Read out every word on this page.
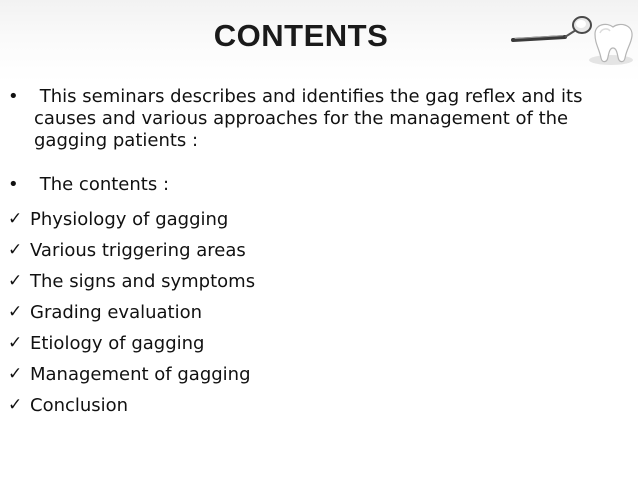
CONTENTS
• This seminars describes and identifies the gag reflex and its causes and various approaches for the management of the gagging patients :
• The contents :
✓ Physiology of gagging
✓ Various triggering areas
✓ The signs and symptoms
✓ Grading evaluation
✓ Etiology of gagging
✓ Management of gagging
✓ Conclusion
